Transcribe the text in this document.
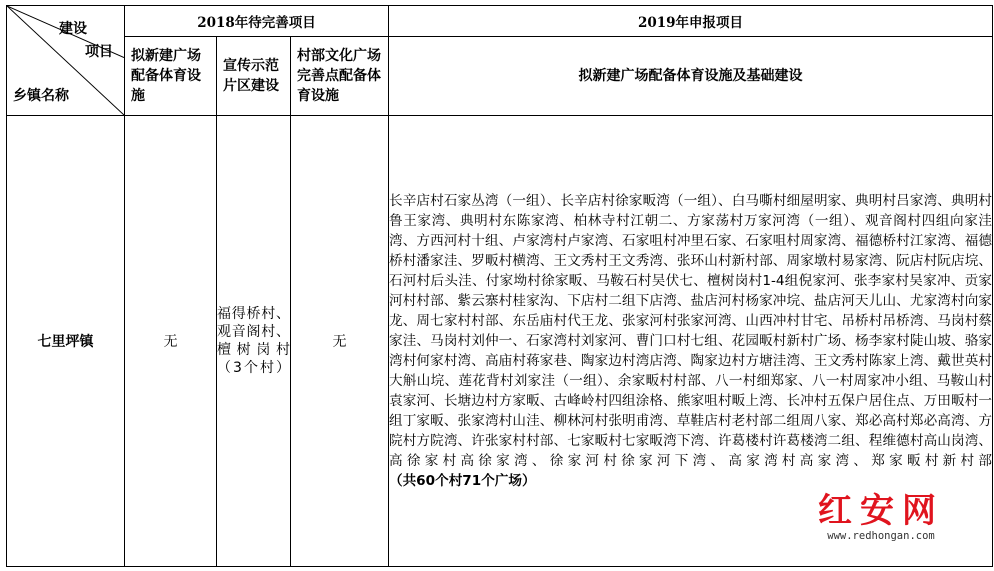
建设
项目
乡镇名称	2018年待完善项目			2019年申报项目
	拟新建广场配备体育设施	宣传示范片区建设	村部文化广场完善点配备体育设施	拟新建广场配备体育设施及基础建设
七里坪镇	无	福得桥村、观音阁村、檀树岗村（3个村）	无	长辛店村石家丛湾（一组）、长辛店村徐家畈湾（一组）、白马嘶村细屋明家、典明村吕家湾、典明村鲁王家湾、典明村东陈家湾、柏林寺村江朝二、方家荡村万家河湾（一组）、观音阁村四组向家洼湾、方西河村十组、卢家湾村卢家湾、石家咀村冲里石家、石家咀村周家湾、福德桥村江家湾、福德桥村潘家洼、罗畈村横湾、王文秀村王文秀湾、张环山村新村部、周家墩村易家湾、阮店村阮店垸、石河村后头洼、付家坳村徐家畈、马鞍石村吴伏七、檀树岗村1-4组倪家河、张李家村吴家冲、贡家河村村部、紫云寨村桂家沟、下店村二组下店湾、盐店河村杨家冲垸、盐店河天儿山、尤家湾村向家龙、周七家村村部、东岳庙村代王龙、张家河村张家河湾、山西冲村甘宅、吊桥村吊桥湾、马岗村蔡家洼、马岗村刘仲一、石家湾村刘家河、曹门口村七组、花园畈村新村广场、杨李家村陡山坡、骆家湾村何家村湾、高庙村蒋家巷、陶家边村湾店湾、陶家边村方塘洼湾、王文秀村陈家上湾、戴世英村大斛山垸、莲花背村刘家洼（一组）、余家畈村村部、八一村细郑家、八一村周家冲小组、马鞍山村袁家河、长塘边村方家畈、古峰岭村四组涂格、熊家咀村畈上湾、长冲村五保户居住点、万田畈村一组丁家畈、张家湾村山洼、柳林河村张明甫湾、草鞋店村老村部二组周八家、郑必高村郑必高湾、方院村方院湾、许张家村村部、七家畈村七家畈湾下湾、许葛楼村许葛楼湾二组、程维德村高山岗湾、高徐家村高徐家湾、徐家河村徐家河下湾、高家湾村高家湾、郑家畈村新村部（共60个村71个广场）
红安网
www.redhongan.com
